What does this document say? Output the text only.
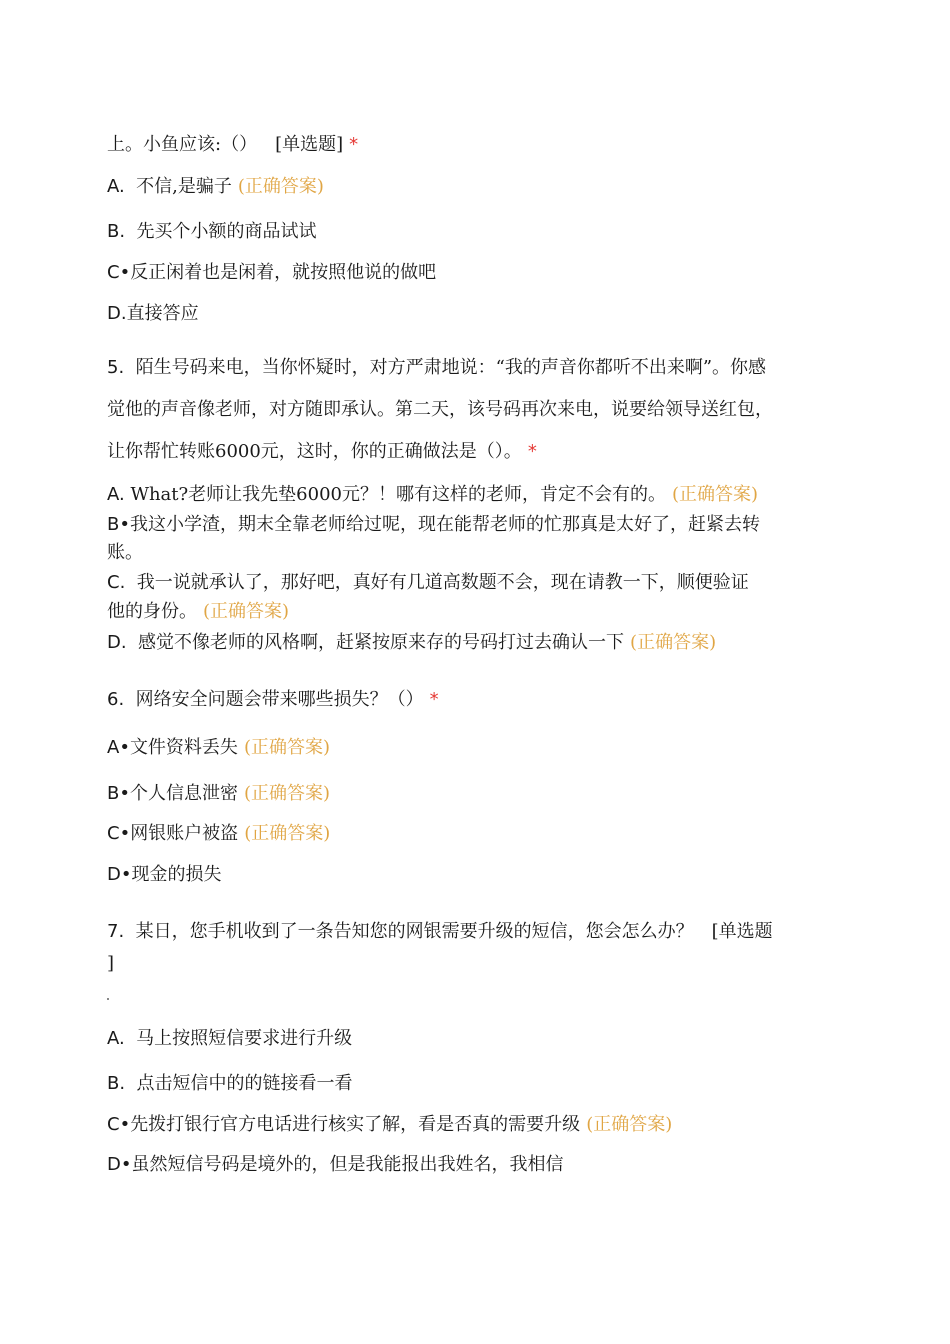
上。小鱼应该:（） [单选题] *
A. 不信,是骗子 (正确答案)
B. 先买个小额的商品试试
C•反正闲着也是闲着，就按照他说的做吧
D.直接答应
5. 陌生号码来电，当你怀疑时，对方严肃地说：“我的声音你都听不出来啊”。你感
觉他的声音像老师，对方随即承认。第二天，该号码再次来电，说要给领导送红包，
让你帮忙转账6000元，这时，你的正确做法是（）。 *
A. What?老师让我先垫6000元？！哪有这样的老师，肯定不会有的。 (正确答案)
B•我这小学渣，期末全靠老师给过呢，现在能帮老师的忙那真是太好了，赶紧去转
账。
C. 我一说就承认了，那好吧，真好有几道高数题不会，现在请教一下，顺便验证
他的身份。 (正确答案)
D. 感觉不像老师的风格啊，赶紧按原来存的号码打过去确认一下 (正确答案)
6. 网络安全问题会带来哪些损失？（） *
A•文件资料丢失 (正确答案)
B•个人信息泄密 (正确答案)
C•网银账户被盗 (正确答案)
D•现金的损失
7. 某日，您手机收到了一条告知您的网银需要升级的短信，您会怎么办？ [单选题
]
A. 马上按照短信要求进行升级
B. 点击短信中的的链接看一看
C•先拨打银行官方电话进行核实了解，看是否真的需要升级 (正确答案)
D•虽然短信号码是境外的，但是我能报出我姓名，我相信
